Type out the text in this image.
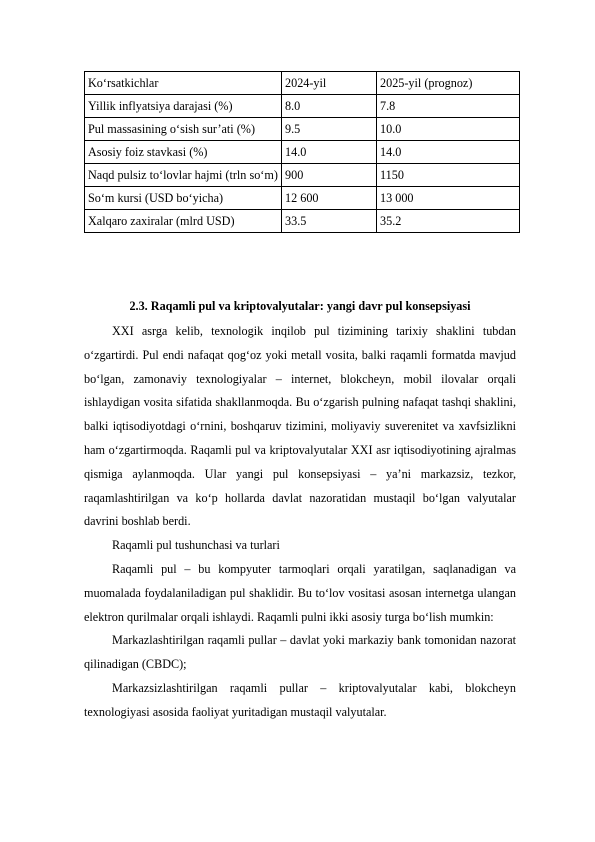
Ko‘rsatkichlar	2024-yil	2025-yil (prognoz)
Yillik inflyatsiya darajasi (%)	8.0	7.8
Pul massasining o‘sish sur’ati (%)	9.5	10.0
Asosiy foiz stavkasi (%)	14.0	14.0
Naqd pulsiz to‘lovlar hajmi (trln so‘m)	900	1150
So‘m kursi (USD bo‘yicha)	12 600	13 000
Xalqaro zaxiralar (mlrd USD)	33.5	35.2
2.3. Raqamli pul va kriptovalyutalar: yangi davr pul konsepsiyasi

XXI asrga kelib, texnologik inqilob pul tizimining tarixiy shaklini tubdan o‘zgartirdi. Pul endi nafaqat qog‘oz yoki metall vosita, balki raqamli formatda mavjud bo‘lgan, zamonaviy texnologiyalar – internet, blokcheyn, mobil ilovalar orqali ishlaydigan vosita sifatida shakllanmoqda. Bu o‘zgarish pulning nafaqat tashqi shaklini, balki iqtisodiyotdagi o‘rnini, boshqaruv tizimini, moliyaviy suverenitet va xavfsizlikni ham o‘zgartirmoqda. Raqamli pul va kriptovalyutalar XXI asr iqtisodiyotining ajralmas qismiga aylanmoqda. Ular yangi pul konsepsiyasi – ya’ni markazsiz, tezkor, raqamlashtirilgan va ko‘p hollarda davlat nazoratidan mustaqil bo‘lgan valyutalar davrini boshlab berdi.

Raqamli pul tushunchasi va turlari

Raqamli pul – bu kompyuter tarmoqlari orqali yaratilgan, saqlanadigan va muomalada foydalaniladigan pul shaklidir. Bu to‘lov vositasi asosan internetga ulangan elektron qurilmalar orqali ishlaydi. Raqamli pulni ikki asosiy turga bo‘lish mumkin:

Markazlashtirilgan raqamli pullar – davlat yoki markaziy bank tomonidan nazorat qilinadigan (CBDC);

Markazsizlashtirilgan raqamli pullar – kriptovalyutalar kabi, blokcheyn texnologiyasi asosida faoliyat yuritadigan mustaqil valyutalar.
